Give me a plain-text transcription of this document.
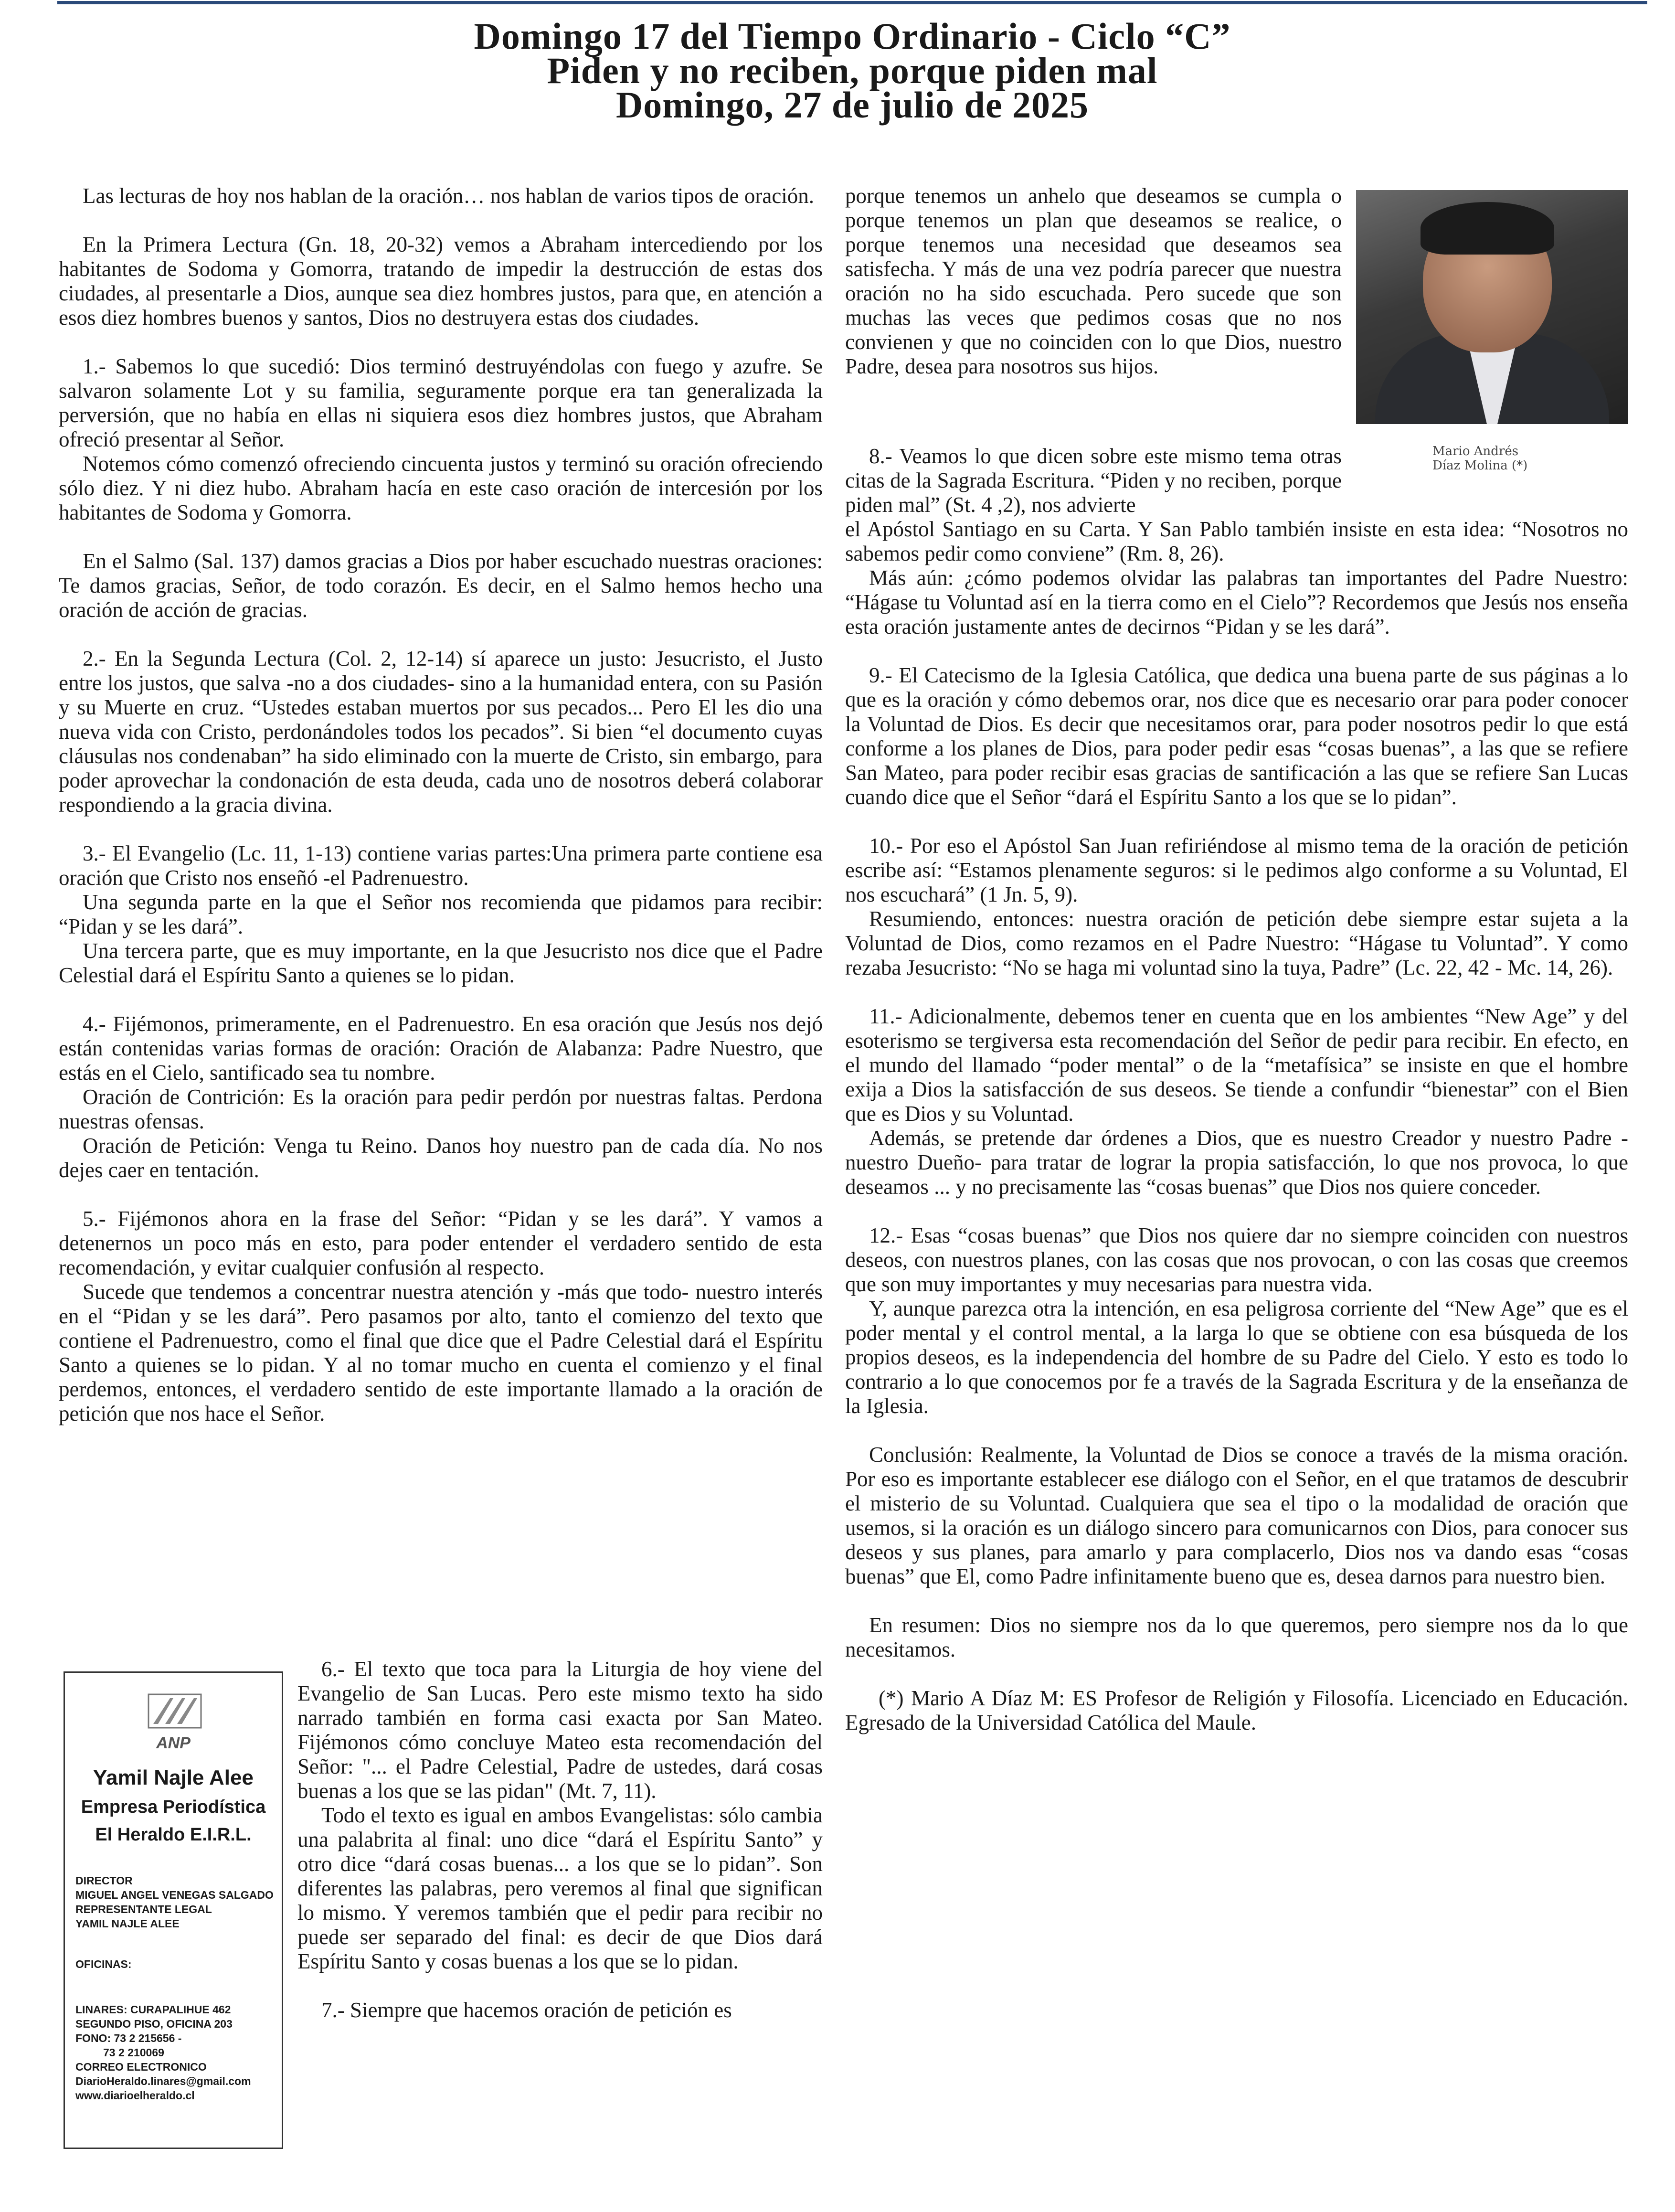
Domingo 17 del Tiempo Ordinario - Ciclo “C”
Piden y no reciben, porque piden mal
Domingo, 27 de julio de 2025

Las lecturas de hoy nos hablan de la oración… nos hablan de varios tipos de oración.

En la Primera Lectura (Gn. 18, 20-32) vemos a Abraham intercediendo por los habitantes de Sodoma y Gomorra, tratando de impedir la destrucción de estas dos ciudades, al presentarle a Dios, aunque sea diez hombres justos, para que, en atención a esos diez hombres buenos y santos, Dios no destruyera estas dos ciudades.

1.- Sabemos lo que sucedió: Dios terminó destruyéndolas con fuego y azufre. Se salvaron solamente Lot y su familia, seguramente porque era tan generalizada la perversión, que no había en ellas ni siquiera esos diez hombres justos, que Abraham ofreció presentar al Señor.

Notemos cómo comenzó ofreciendo cincuenta justos y terminó su oración ofreciendo sólo diez. Y ni diez hubo. Abraham hacía en este caso oración de intercesión por los habitantes de Sodoma y Gomorra.

En el Salmo (Sal. 137) damos gracias a Dios por haber escuchado nuestras oraciones: Te damos gracias, Señor, de todo corazón. Es decir, en el Salmo hemos hecho una oración de acción de gracias.

2.- En la Segunda Lectura (Col. 2, 12-14) sí aparece un justo: Jesucristo, el Justo entre los justos, que salva -no a dos ciudades- sino a la humanidad entera, con su Pasión y su Muerte en cruz. “Ustedes estaban muertos por sus pecados... Pero El les dio una nueva vida con Cristo, perdonándoles todos los pecados”. Si bien “el documento cuyas cláusulas nos condenaban” ha sido eliminado con la muerte de Cristo, sin embargo, para poder aprovechar la condonación de esta deuda, cada uno de nosotros deberá colaborar respondiendo a la gracia divina.

3.- El Evangelio (Lc. 11, 1-13) contiene varias partes:Una primera parte contiene esa oración que Cristo nos enseñó -el Padrenuestro.

Una segunda parte en la que el Señor nos recomienda que pidamos para recibir: “Pidan y se les dará”.

Una tercera parte, que es muy importante, en la que Jesucristo nos dice que el Padre Celestial dará el Espíritu Santo a quienes se lo pidan.

4.- Fijémonos, primeramente, en el Padrenuestro. En esa oración que Jesús nos dejó están contenidas varias formas de oración: Oración de Alabanza: Padre Nuestro, que estás en el Cielo, santificado sea tu nombre.

Oración de Contrición: Es la oración para pedir perdón por nuestras faltas. Perdona nuestras ofensas.

Oración de Petición: Venga tu Reino. Danos hoy nuestro pan de cada día. No nos dejes caer en tentación.

5.- Fijémonos ahora en la frase del Señor: “Pidan y se les dará”. Y vamos a detenernos un poco más en esto, para poder entender el verdadero sentido de esta recomendación, y evitar cualquier confusión al respecto.

Sucede que tendemos a concentrar nuestra atención y -más que todo- nuestro interés en el “Pidan y se les dará”. Pero pasamos por alto, tanto el comienzo del texto que contiene el Padrenuestro, como el final que dice que el Padre Celestial dará el Espíritu Santo a quienes se lo pidan. Y al no tomar mucho en cuenta el comienzo y el final perdemos, entonces, el verdadero sentido de este importante llamado a la oración de petición que nos hace el Señor.

ANP
Yamil Najle Alee
Empresa Periodística
El Heraldo E.I.R.L.
DIRECTOR
MIGUEL ANGEL VENEGAS SALGADO
REPRESENTANTE LEGAL
YAMIL NAJLE ALEE
OFICINAS:
LINARES: CURAPALIHUE 462
SEGUNDO PISO, OFICINA 203
FONO: 73 2 215656 -
73 2 210069
CORREO ELECTRONICO
DiarioHeraldo.linares@gmail.com
www.diarioelheraldo.cl

6.- El texto que toca para la Liturgia de hoy viene del Evangelio de San Lucas. Pero este mismo texto ha sido narrado también en forma casi exacta por San Mateo. Fijémonos cómo concluye Mateo esta recomendación del Señor: "... el Padre Celestial, Padre de ustedes, dará cosas buenas a los que se las pidan" (Mt. 7, 11).

Todo el texto es igual en ambos Evangelistas: sólo cambia una palabrita al final: uno dice “dará el Espíritu Santo” y otro dice “dará cosas buenas... a los que se lo pidan”. Son diferentes las palabras, pero veremos al final que significan lo mismo. Y veremos también que el pedir para recibir no puede ser separado del final: es decir de que Dios dará Espíritu Santo y cosas buenas a los que se lo pidan.

7.- Siempre que hacemos oración de petición es

porque tenemos un anhelo que deseamos se cumpla o porque tenemos un plan que deseamos se realice, o porque tenemos una necesidad que deseamos sea satisfecha. Y más de una vez podría parecer que nuestra oración no ha sido escuchada. Pero sucede que son muchas las veces que pedimos cosas que no nos convienen y que no coinciden con lo que Dios, nuestro Padre, desea para nosotros sus hijos.

Mario Andrés
Díaz Molina (*)

8.- Veamos lo que dicen sobre este mismo tema otras citas de la Sagrada Escritura. “Piden y no reciben, porque piden mal” (St. 4 ,2), nos advierte

el Apóstol Santiago en su Carta. Y San Pablo también insiste en esta idea: “Nosotros no sabemos pedir como conviene” (Rm. 8, 26).

Más aún: ¿cómo podemos olvidar las palabras tan importantes del Padre Nuestro: “Hágase tu Voluntad así en la tierra como en el Cielo”? Recordemos que Jesús nos enseña esta oración justamente antes de decirnos “Pidan y se les dará”.

9.- El Catecismo de la Iglesia Católica, que dedica una buena parte de sus páginas a lo que es la oración y cómo debemos orar, nos dice que es necesario orar para poder conocer la Voluntad de Dios. Es decir que necesitamos orar, para poder nosotros pedir lo que está conforme a los planes de Dios, para poder pedir esas “cosas buenas”, a las que se refiere San Mateo, para poder recibir esas gracias de santificación a las que se refiere San Lucas cuando dice que el Señor “dará el Espíritu Santo a los que se lo pidan”.

10.- Por eso el Apóstol San Juan refiriéndose al mismo tema de la oración de petición escribe así: “Estamos plenamente seguros: si le pedimos algo conforme a su Voluntad, El nos escuchará” (1 Jn. 5, 9).

Resumiendo, entonces: nuestra oración de petición debe siempre estar sujeta a la Voluntad de Dios, como rezamos en el Padre Nuestro: “Hágase tu Voluntad”. Y como rezaba Jesucristo: “No se haga mi voluntad sino la tuya, Padre” (Lc. 22, 42 - Mc. 14, 26).

11.- Adicionalmente, debemos tener en cuenta que en los ambientes “New Age” y del esoterismo se tergiversa esta recomendación del Señor de pedir para recibir. En efecto, en el mundo del llamado “poder mental” o de la “metafísica” se insiste en que el hombre exija a Dios la satisfacción de sus deseos. Se tiende a confundir “bienestar” con el Bien que es Dios y su Voluntad.

Además, se pretende dar órdenes a Dios, que es nuestro Creador y nuestro Padre -nuestro Dueño- para tratar de lograr la propia satisfacción, lo que nos provoca, lo que deseamos ... y no precisamente las “cosas buenas” que Dios nos quiere conceder.

12.- Esas “cosas buenas” que Dios nos quiere dar no siempre coinciden con nuestros deseos, con nuestros planes, con las cosas que nos provocan, o con las cosas que creemos que son muy importantes y muy necesarias para nuestra vida.

Y, aunque parezca otra la intención, en esa peligrosa corriente del “New Age” que es el poder mental y el control mental, a la larga lo que se obtiene con esa búsqueda de los propios deseos, es la independencia del hombre de su Padre del Cielo. Y esto es todo lo contrario a lo que conocemos por fe a través de la Sagrada Escritura y de la enseñanza de la Iglesia.

Conclusión: Realmente, la Voluntad de Dios se conoce a través de la misma oración. Por eso es importante establecer ese diálogo con el Señor, en el que tratamos de descubrir el misterio de su Voluntad. Cualquiera que sea el tipo o la modalidad de oración que usemos, si la oración es un diálogo sincero para comunicarnos con Dios, para conocer sus deseos y sus planes, para amarlo y para complacerlo, Dios nos va dando esas “cosas buenas” que El, como Padre infinitamente bueno que es, desea darnos para nuestro bien.

En resumen: Dios no siempre nos da lo que queremos, pero siempre nos da lo que necesitamos.

(*) Mario A Díaz M: ES Profesor de Religión y Filosofía. Licenciado en Educación. Egresado de la Universidad Católica del Maule.
